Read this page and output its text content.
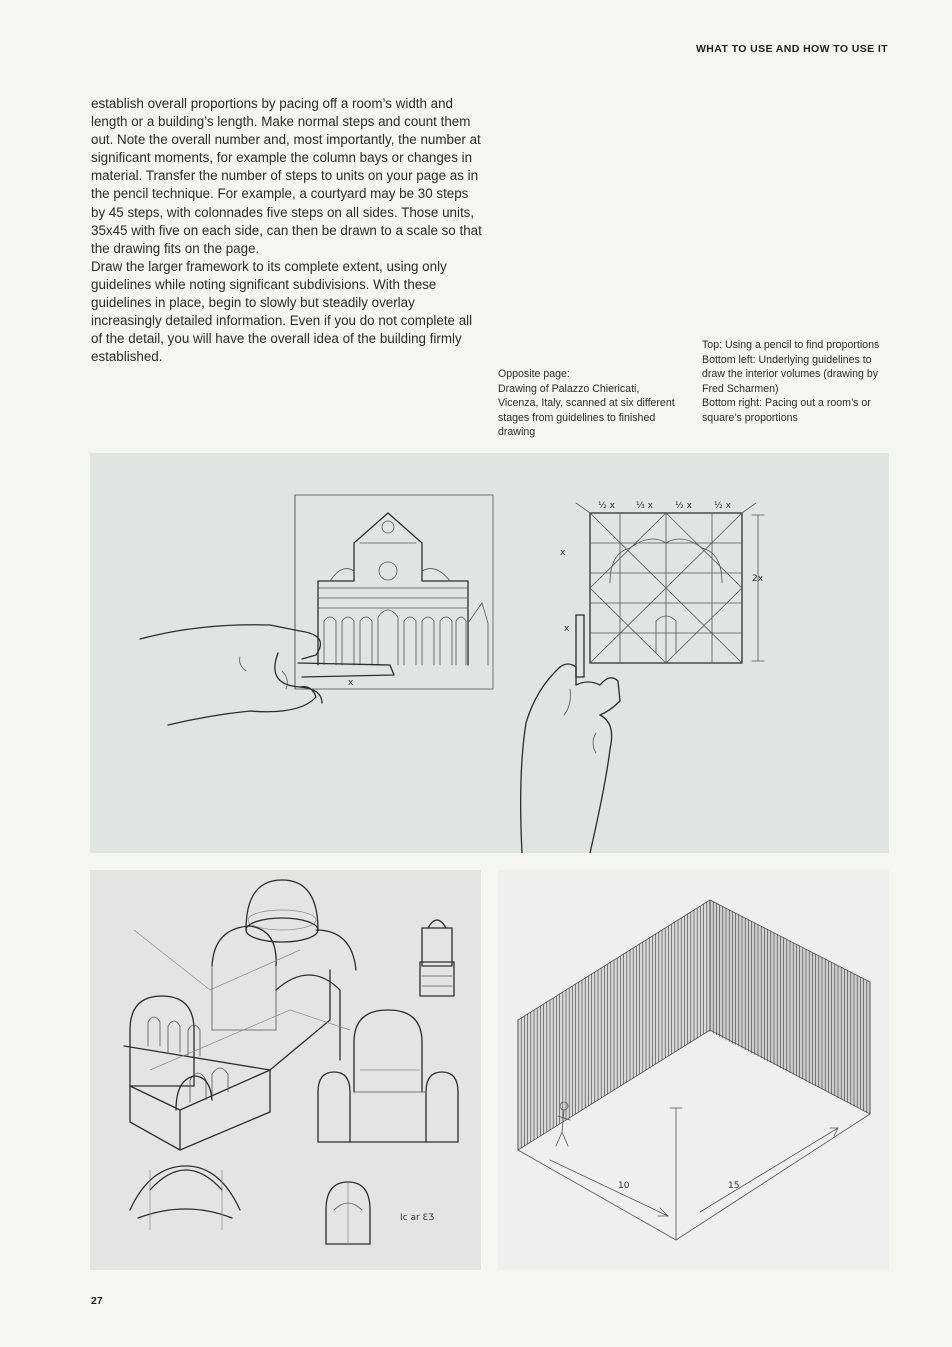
WHAT TO USE AND HOW TO USE IT

establish overall proportions by pacing off a room’s width and length or a building’s length. Make normal steps and count them out. Note the overall number and, most importantly, the number at significant moments, for example the column bays or changes in material. Transfer the number of steps to units on your page as in the pencil technique. For example, a courtyard may be 30 steps by 45 steps, with colonnades five steps on all sides. Those units, 35x45 with five on each side, can then be drawn to a scale so that the drawing fits on the page.

Draw the larger framework to its complete extent, using only guidelines while noting significant subdivisions. With these guidelines in place, begin to slowly but steadily overlay increasingly detailed information. Even if you do not complete all of the detail, you will have the overall idea of the building firmly established.

Opposite page:

Drawing of Palazzo Chiericati, Vicenza, Italy, scanned at six different stages from guidelines to finished drawing

Top: Using a pencil to find proportions

Bottom left: Underlying guidelines to draw the interior volumes (drawing by Fred Scharmen)

Bottom right: Pacing out a room’s or square’s proportions

x
½ x ⅓ x ½ x ½ x
2x
x
x
Ic ar ƐӠ
10	15
27
